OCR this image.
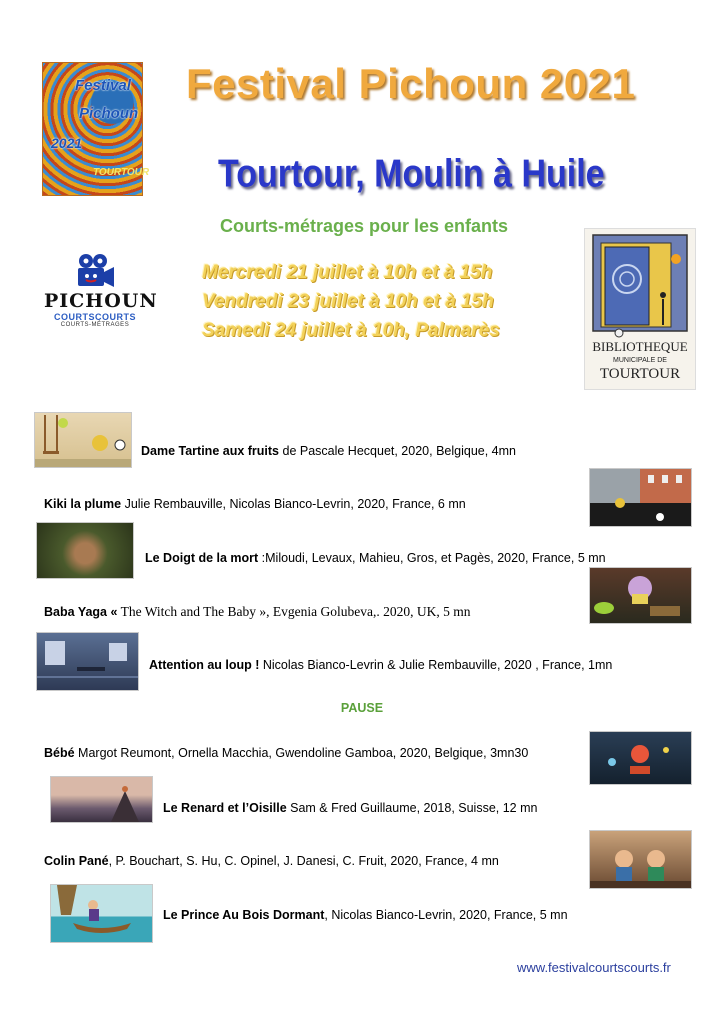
Festival
Pichoun
2021
TOURTOUR
Festival Pichoun 2021
Tourtour, Moulin à Huile
Courts-métrages pour les enfants
PICHOUN
COURTSCOURTS
COURTS-MÉTRAGES
Mercredi 21 juillet à 10h et à 15h
Vendredi 23 juillet à 10h et à 15h
Samedi 24 juillet à 10h, Palmarès
BIBLIOTHEQUE
MUNICIPALE DE
TOURTOUR
Dame Tartine aux fruits de Pascale Hecquet, 2020, Belgique, 4mn
Kiki la plume Julie Rembauville, Nicolas Bianco-Levrin, 2020, France, 6 mn
Le Doigt de la mort :Miloudi, Levaux, Mahieu, Gros, et Pagès, 2020, France, 5 mn
Baba Yaga « The Witch and The Baby », Evgenia Golubeva,. 2020, UK, 5 mn
Attention au loup ! Nicolas Bianco-Levrin & Julie Rembauville, 2020 , France, 1mn
PAUSE
Bébé Margot Reumont, Ornella Macchia, Gwendoline Gamboa, 2020, Belgique, 3mn30
Le Renard et l’Oisille Sam & Fred Guillaume, 2018, Suisse, 12 mn
Colin Pané, P. Bouchart, S. Hu, C. Opinel, J. Danesi, C. Fruit, 2020, France, 4 mn
Le Prince Au Bois Dormant, Nicolas Bianco-Levrin, 2020, France, 5 mn
www.festivalcourtscourts.fr
